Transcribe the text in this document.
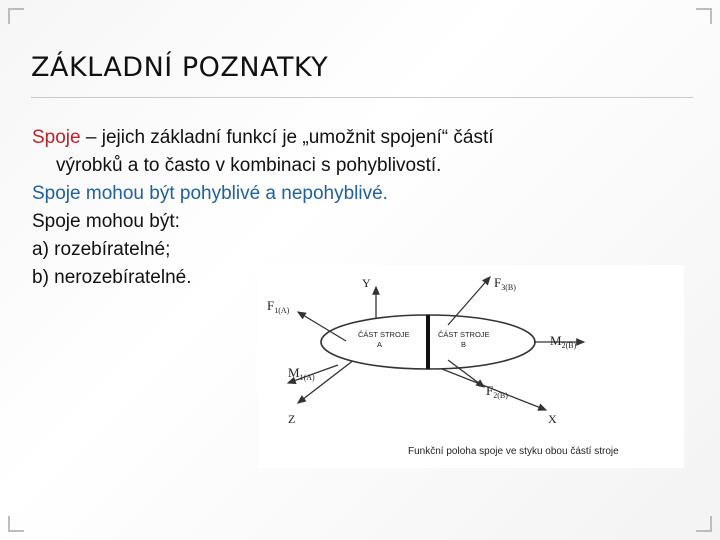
ZÁKLADNÍ POZNATKY
Spoje – jejich základní funkcí je „umožnit spojení“ částí
výrobků a to často v kombinaci s pohyblivostí.
Spoje mohou být pohyblivé a nepohyblivé.
Spoje mohou být:
a) rozebíratelné;
b) nerozebíratelné.
ČÁST STROJE
A
ČÁST STROJE
B
Y
Z	X
$F_{3(B)}$
$F_{1(A)}$
$M_{2(B)}$
$M_{1(A)}$
$F_{2(B)}$
Funkční poloha spoje ve styku obou částí stroje
